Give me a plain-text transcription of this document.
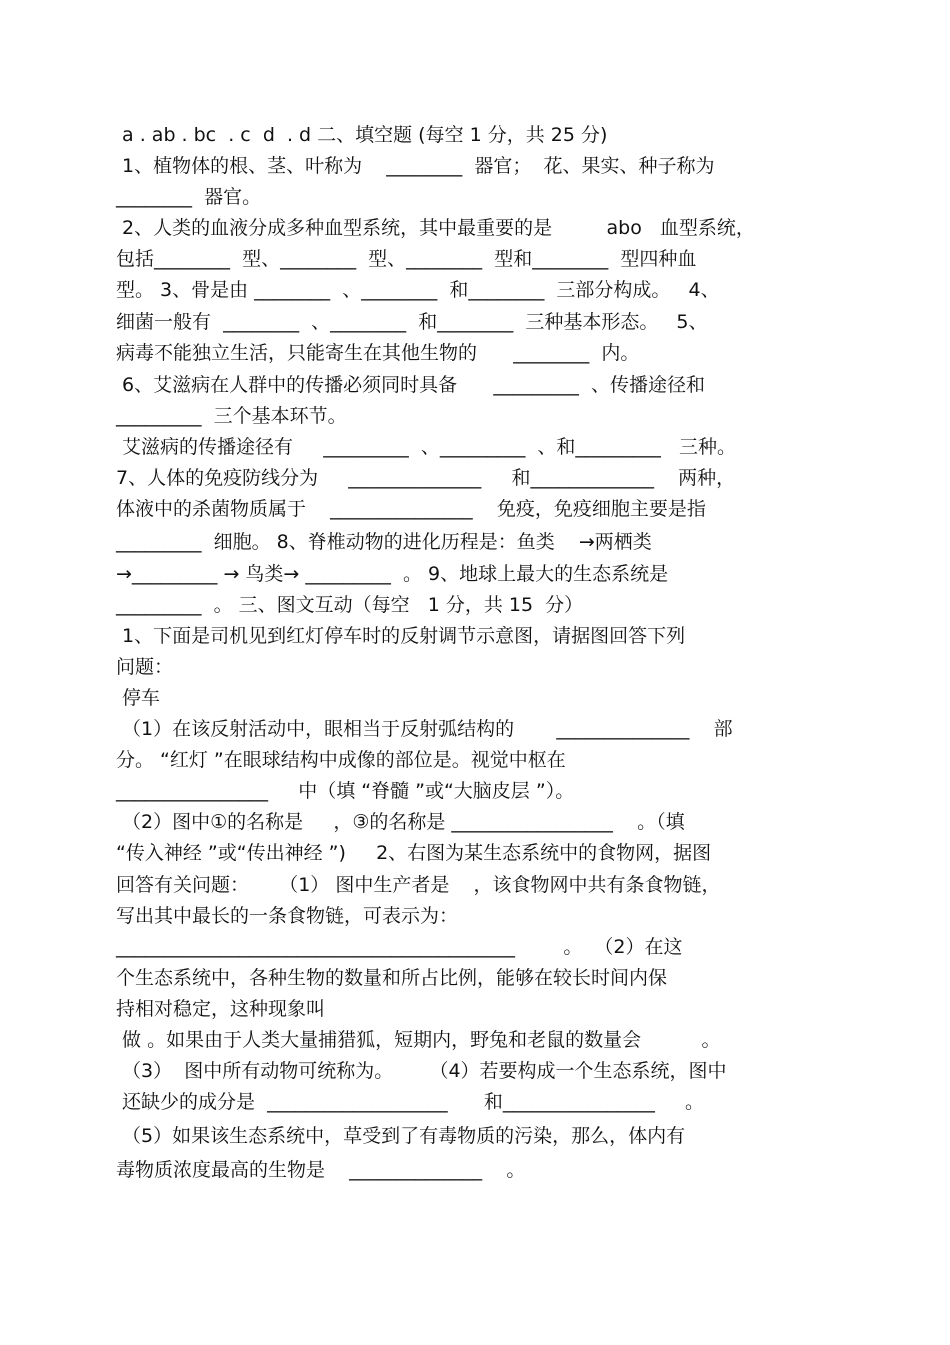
a . ab . bc  . c  d  . d 二、填空题 (每空 1 分，共 25 分)
1、植物体的根、茎、叶称为    ________  器官；  花、果实、种子称为
________  器官。
2、人类的血液分成多种血型系统，其中最重要的是         abo   血型系统，
包括________  型、________  型、________  型和________  型四种血
型。 3、骨是由 ________  、________  和________  三部分构成。   4、
细菌一般有  ________  、________  和________  三种基本形态。   5、
病毒不能独立生活，只能寄生在其他生物的      ________  内。
6、艾滋病在人群中的传播必须同时具备      _________  、传播途径和
_________  三个基本环节。
艾滋病的传播途径有     _________  、_________  、和_________   三种。
7、人体的免疫防线分为     ______________     和_____________    两种，
体液中的杀菌物质属于    _______________    免疫，免疫细胞主要是指
_________  细胞。 8、脊椎动物的进化历程是：鱼类    →两栖类
→_________ → 鸟类→ _________  。 9、地球上最大的生态系统是
_________  。 三、图文互动（每空   1 分，共 15  分）
1、下面是司机见到红灯停车时的反射调节示意图，请据图回答下列
问题：
停车
（1）在该反射活动中，眼相当于反射弧结构的       ______________    部
分。 “红灯 ”在眼球结构中成像的部位是。视觉中枢在
________________     中（填 “脊髓 ”或“大脑皮层 ”）。
（2）图中①的名称是     ，③的名称是 _________________    。（填
“传入神经 ”或“传出神经 ”)     2、右图为某生态系统中的食物网，据图
回答有关问题：     （1） 图中生产者是    ，该食物网中共有条食物链，
写出其中最长的一条食物链，可表示为：
__________________________________________        。  （2）在这
个生态系统中，各种生物的数量和所占比例，能够在较长时间内保
持相对稳定，这种现象叫
做 。如果由于人类大量捕猎狐，短期内，野兔和老鼠的数量会          。
（3）  图中所有动物可统称为。      （4）若要构成一个生态系统，图中
还缺少的成分是  ___________________      和________________     。
（5）如果该生态系统中，草受到了有毒物质的污染，那么，体内有
毒物质浓度最高的生物是    ______________    。
